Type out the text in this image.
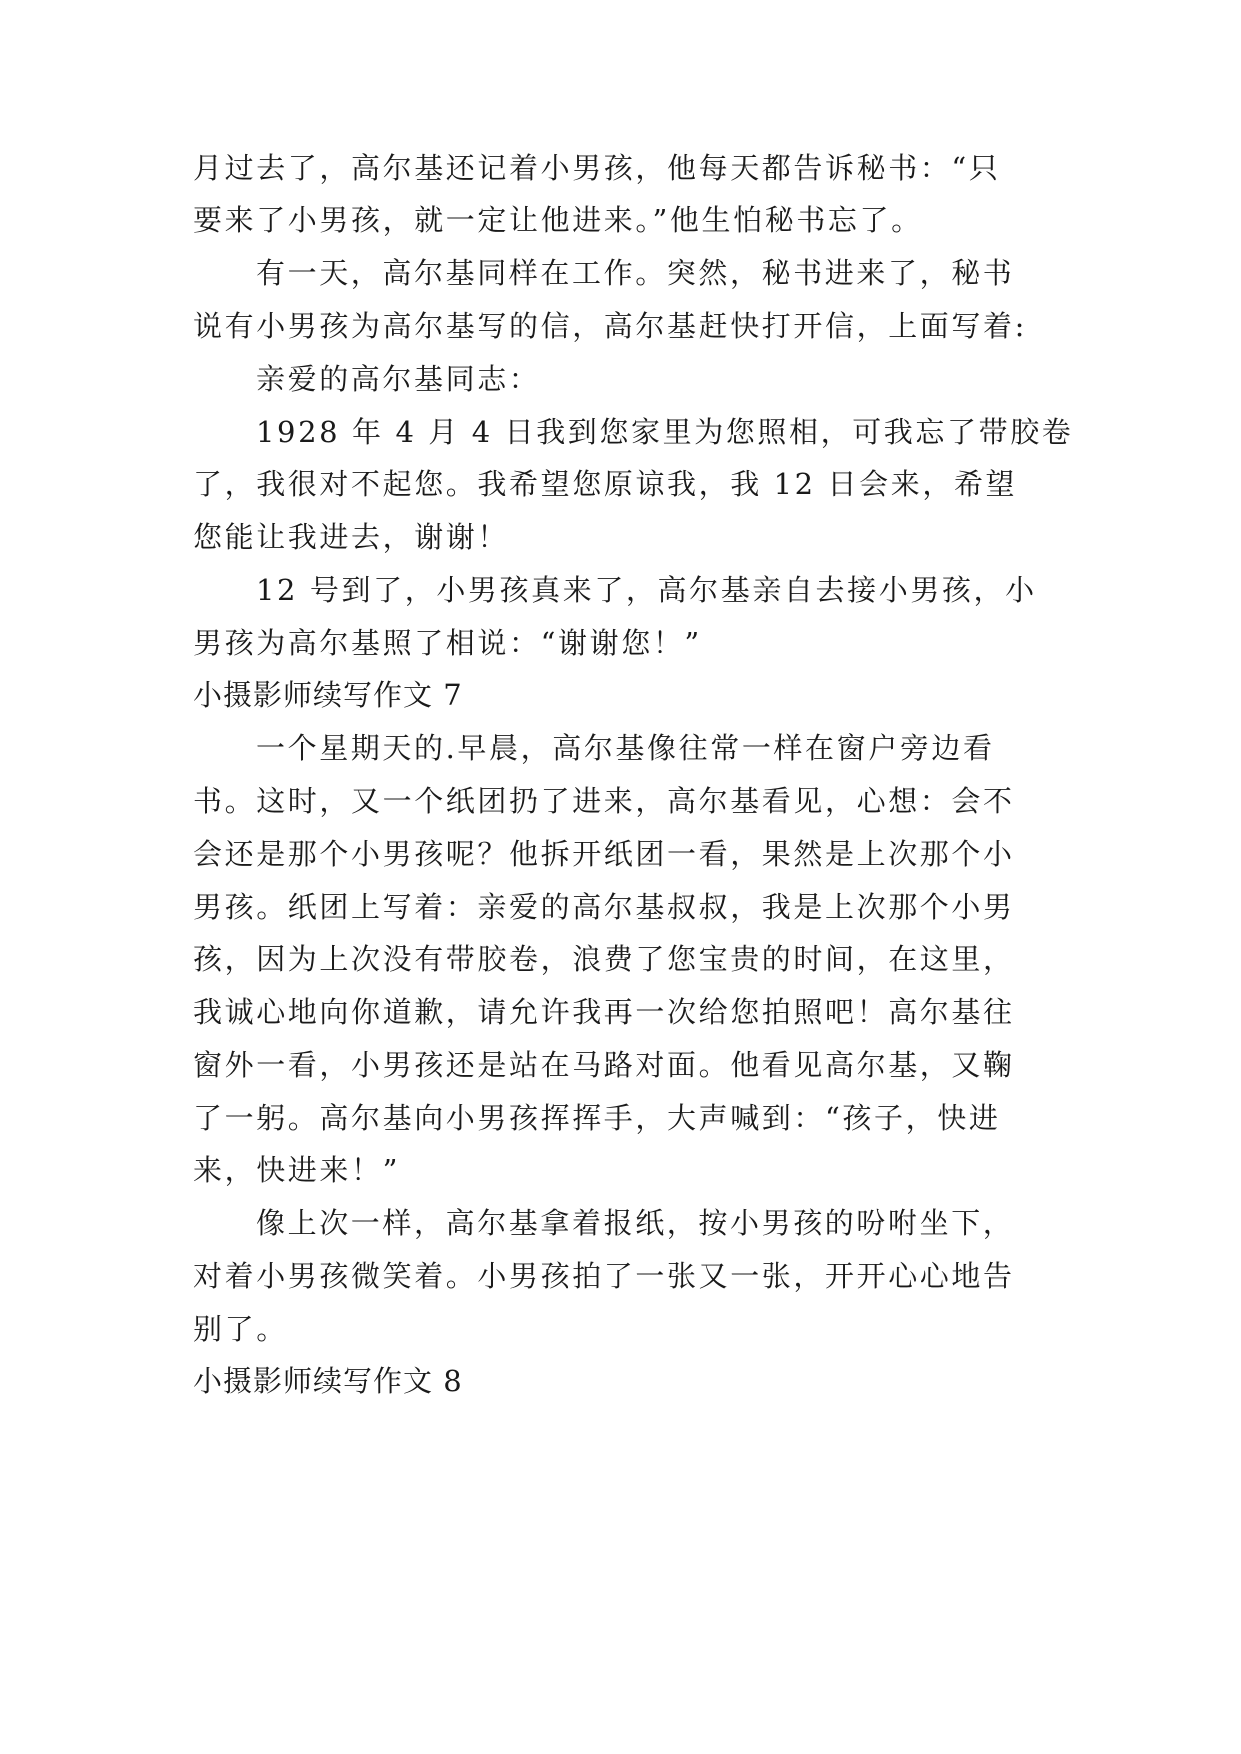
月过去了，高尔基还记着小男孩，他每天都告诉秘书：“只
要来了小男孩，就一定让他进来。”他生怕秘书忘了。
有一天，高尔基同样在工作。突然，秘书进来了，秘书
说有小男孩为高尔基写的信，高尔基赶快打开信，上面写着:
亲爱的高尔基同志：
1928 年 4 月 4 日我到您家里为您照相，可我忘了带胶卷
了，我很对不起您。我希望您原谅我，我 12 日会来，希望
您能让我进去，谢谢！
12 号到了，小男孩真来了，高尔基亲自去接小男孩，小
男孩为高尔基照了相说：“谢谢您！”
小摄影师续写作文 7
一个星期天的.早晨，高尔基像往常一样在窗户旁边看
书。这时，又一个纸团扔了进来，高尔基看见，心想：会不
会还是那个小男孩呢？他拆开纸团一看，果然是上次那个小
男孩。纸团上写着：亲爱的高尔基叔叔，我是上次那个小男
孩，因为上次没有带胶卷，浪费了您宝贵的时间，在这里，
我诚心地向你道歉，请允许我再一次给您拍照吧！高尔基往
窗外一看，小男孩还是站在马路对面。他看见高尔基，又鞠
了一躬。高尔基向小男孩挥挥手，大声喊到：“孩子，快进
来，快进来！”
像上次一样，高尔基拿着报纸，按小男孩的吩咐坐下，
对着小男孩微笑着。小男孩拍了一张又一张，开开心心地告
别了。
小摄影师续写作文 8
